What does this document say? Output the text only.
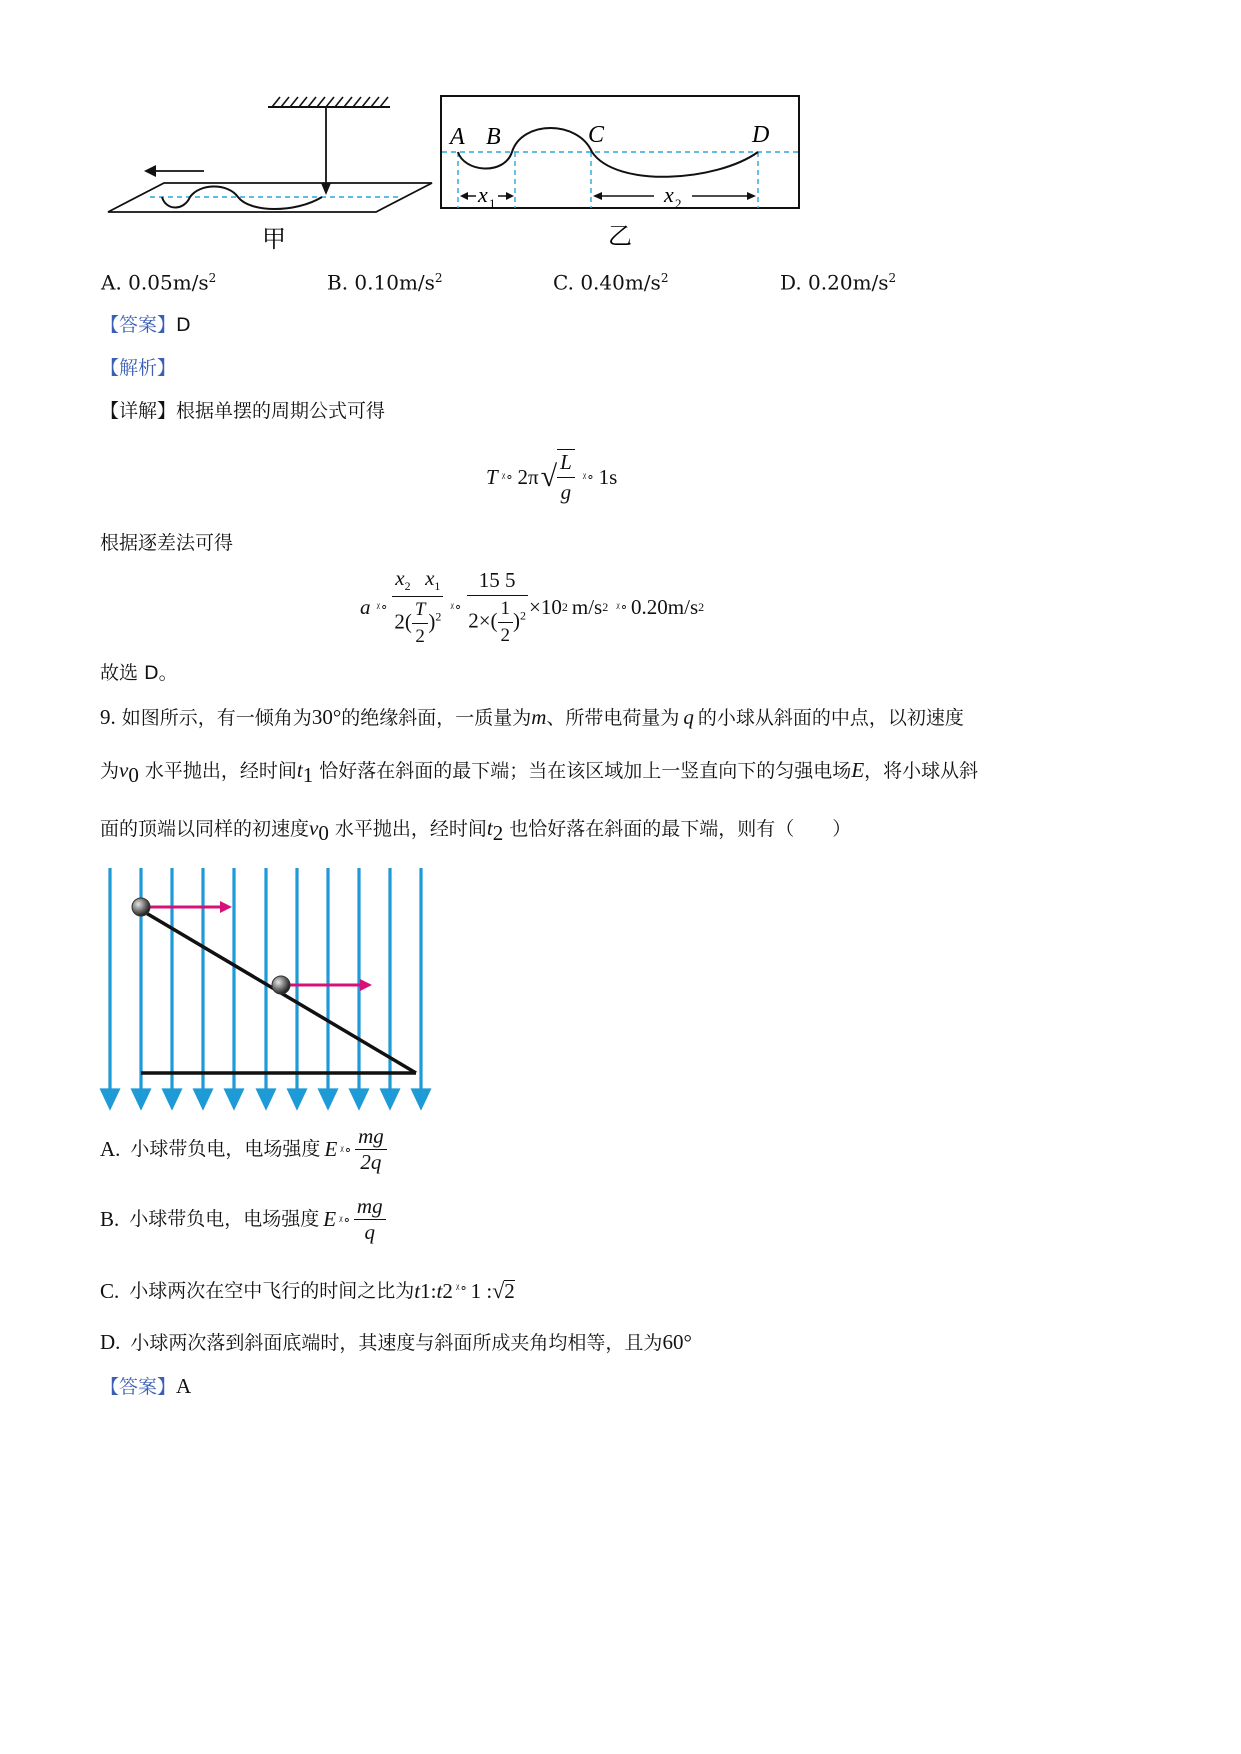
甲
A B	C	D
x 1	x 2
乙
A. $0.05m/s^2$	B. $0.10m/s^2$	C. $0.40m/s^2$	D. $0.20m/s^2$
【答案】D
【解析】
【详解】根据单摆的周期公式可得
T ᵡ∘ 2π √ $\frac{L}{g}$ ᵡ∘ 1s
根据逐差法可得
a ᵡ∘ $\frac{x_2 x_1}{2( \frac{T}{2} )^2}$ ᵡ∘ $\frac{15 5}{2\times( \frac{1}{2} )^2} \times 10$ 2 m/s 2 ᵡ∘ 0.20m/s 2
故选 D。
9. 如图所示，有一倾角为30°的绝缘斜面，一质量为m、所带电荷量为 q 的小球从斜面的中点，以初速度
为$v_0$ 水平抛出，经时间$t_1$ 恰好落在斜面的最下端；当在该区域加上一竖直向下的匀强电场E，将小球从斜
面的顶端以同样的初速度$v_0$ 水平抛出，经时间$t_2$ 也恰好落在斜面的最下端，则有（　　）
A. 小球带负电，电场强度 E ᵡ∘ $\frac{mg}{2q}$
B. 小球带负电，电场强度 E ᵡ∘ $\frac{mg}{q}$
C. 小球两次在空中飞行的时间之比为 t 1 : t 2 ᵡ∘ 1 : √ 2
D. 小球两次落到斜面底端时，其速度与斜面所成夹角均相等，且为60°
【答案】A
